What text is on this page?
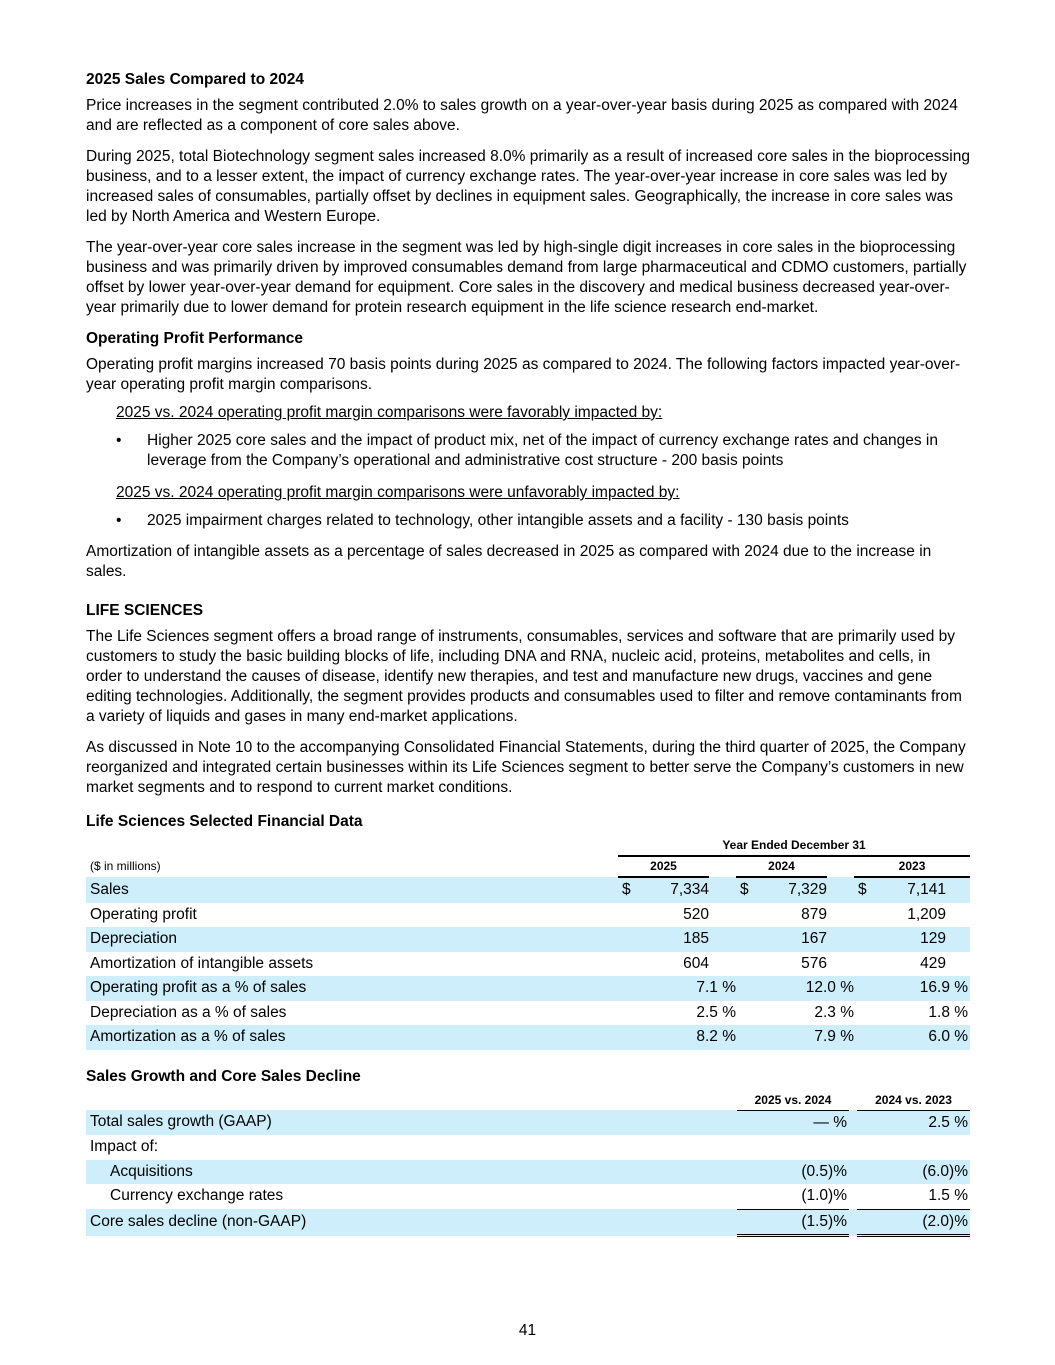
2025 Sales Compared to 2024
Price increases in the segment contributed 2.0% to sales growth on a year-over-year basis during 2025 as compared with 2024 and are reflected as a component of core sales above.
During 2025, total Biotechnology segment sales increased 8.0% primarily as a result of increased core sales in the bioprocessing business, and to a lesser extent, the impact of currency exchange rates. The year-over-year increase in core sales was led by increased sales of consumables, partially offset by declines in equipment sales. Geographically, the increase in core sales was led by North America and Western Europe.
The year-over-year core sales increase in the segment was led by high-single digit increases in core sales in the bioprocessing business and was primarily driven by improved consumables demand from large pharmaceutical and CDMO customers, partially offset by lower year-over-year demand for equipment. Core sales in the discovery and medical business decreased year-over-year primarily due to lower demand for protein research equipment in the life science research end-market.
Operating Profit Performance
Operating profit margins increased 70 basis points during 2025 as compared to 2024. The following factors impacted year-over-year operating profit margin comparisons.
2025 vs. 2024 operating profit margin comparisons were favorably impacted by:
•	Higher 2025 core sales and the impact of product mix, net of the impact of currency exchange rates and changes in leverage from the Company’s operational and administrative cost structure - 200 basis points
2025 vs. 2024 operating profit margin comparisons were unfavorably impacted by:
•	2025 impairment charges related to technology, other intangible assets and a facility - 130 basis points
Amortization of intangible assets as a percentage of sales decreased in 2025 as compared with 2024 due to the increase in sales.
LIFE SCIENCES
The Life Sciences segment offers a broad range of instruments, consumables, services and software that are primarily used by customers to study the basic building blocks of life, including DNA and RNA, nucleic acid, proteins, metabolites and cells, in order to understand the causes of disease, identify new therapies, and test and manufacture new drugs, vaccines and gene editing technologies. Additionally, the segment provides products and consumables used to filter and remove contaminants from a variety of liquids and gases in many end-market applications.
As discussed in Note 10 to the accompanying Consolidated Financial Statements, during the third quarter of 2025, the Company reorganized and integrated certain businesses within its Life Sciences segment to better serve the Company’s customers in new market segments and to respond to current market conditions.
Life Sciences Selected Financial Data
	Year Ended December 31							
($ in millions)	2025			2024			2023	
Sales	$	7,334		$	7,329		$	7,141
Operating profit		520			879			1,209
Depreciation		185			167			129
Amortization of intangible assets		604			576			429
Operating profit as a % of sales		7.1 %			12.0 %			16.9 %
Depreciation as a % of sales		2.5 %			2.3 %			1.8 %
Amortization as a % of sales		8.2 %			7.9 %			6.0 %
Sales Growth and Core Sales Decline
	2025 vs. 2024		2024 vs. 2023
Total sales growth (GAAP)	— %		2.5 %
Impact of:			
Acquisitions	(0.5)%		(6.0)%
Currency exchange rates	(1.0)%		1.5 %
Core sales decline (non-GAAP)	(1.5)%		(2.0)%
41
